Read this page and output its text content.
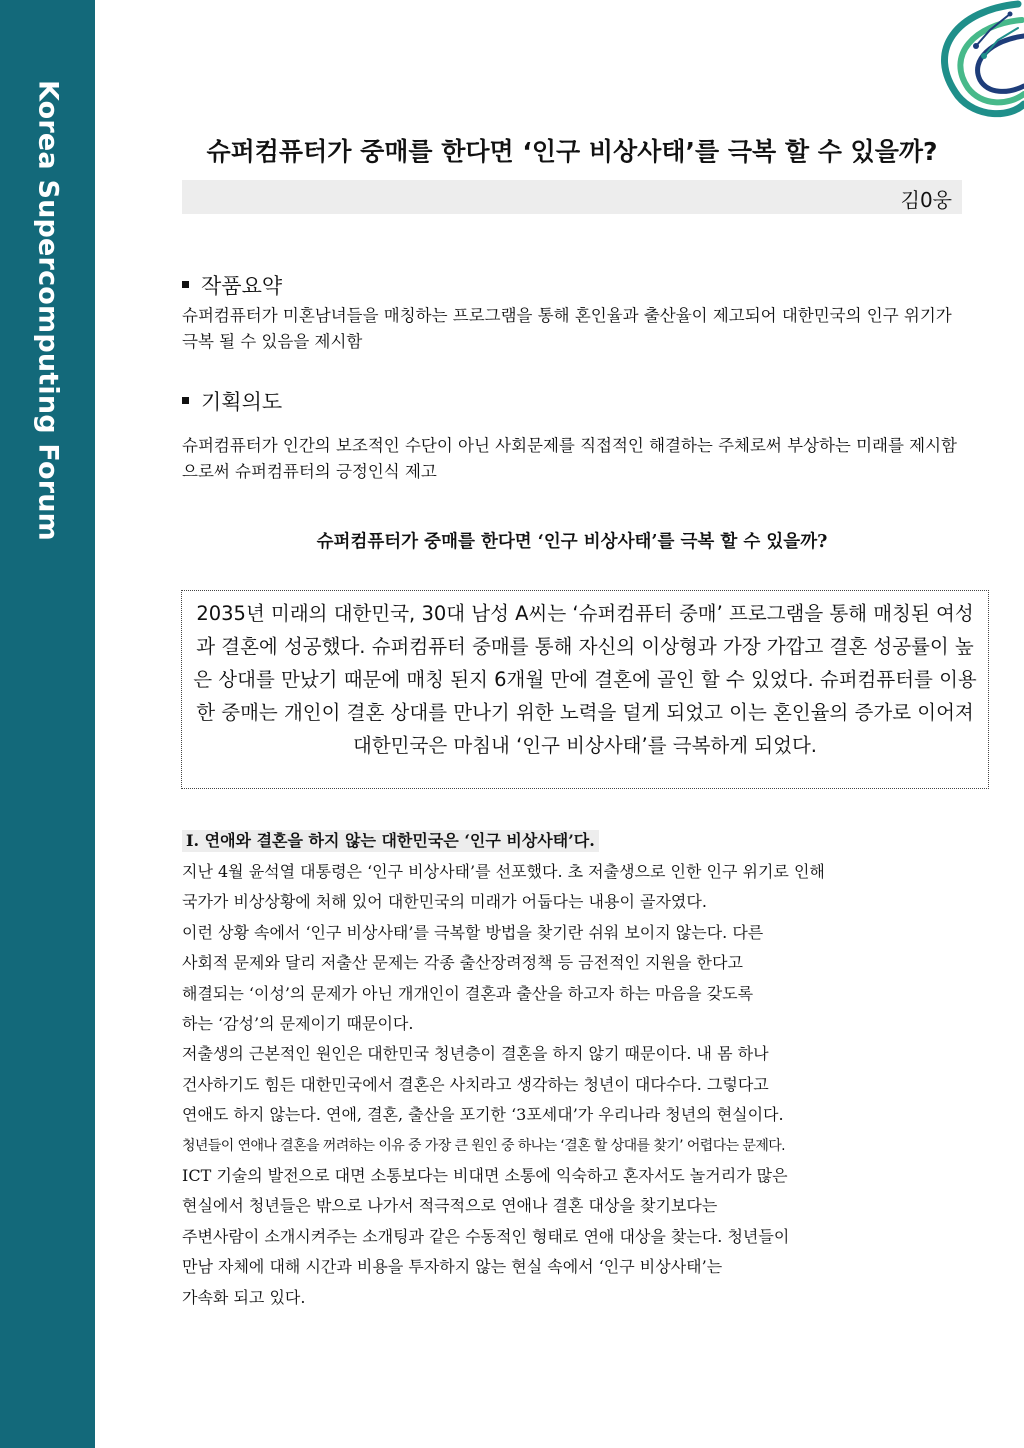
Korea Supercomputing Forum	슈퍼컴퓨터가 중매를 한다면 ‘인구 비상사태’를 극복 할 수 있을까?
김0웅
작품요약
슈퍼컴퓨터가 미혼남녀들을 매칭하는 프로그램을 통해 혼인율과 출산율이 제고되어 대한민국의 인구 위기가 극복 될 수 있음을 제시함
기획의도
슈퍼컴퓨터가 인간의 보조적인 수단이 아닌 사회문제를 직접적인 해결하는 주체로써 부상하는 미래를 제시함으로써 슈퍼컴퓨터의 긍정인식 제고
슈퍼컴퓨터가 중매를 한다면 ‘인구 비상사태’를 극복 할 수 있을까?
2035년 미래의 대한민국, 30대 남성 A씨는 ‘슈퍼컴퓨터 중매’ 프로그램을 통해 매칭된 여성과 결혼에 성공했다. 슈퍼컴퓨터 중매를 통해 자신의 이상형과 가장 가깝고 결혼 성공률이 높은 상대를 만났기 때문에 매칭 된지 6개월 만에 결혼에 골인 할 수 있었다. 슈퍼컴퓨터를 이용한 중매는 개인이 결혼 상대를 만나기 위한 노력을 덜게 되었고 이는 혼인율의 증가로 이어져 대한민국은 마침내 ‘인구 비상사태’를 극복하게 되었다.
Ⅰ. 연애와 결혼을 하지 않는 대한민국은 ‘인구 비상사태’다.
지난 4월 윤석열 대통령은 ‘인구 비상사태’를 선포했다. 초 저출생으로 인한 인구 위기로 인해
국가가 비상상황에 처해 있어 대한민국의 미래가 어둡다는 내용이 골자였다.
이런 상황 속에서 ‘인구 비상사태’를 극복할 방법을 찾기란 쉬워 보이지 않는다. 다른
사회적 문제와 달리 저출산 문제는 각종 출산장려정책 등 금전적인 지원을 한다고
해결되는 ‘이성’의 문제가 아닌 개개인이 결혼과 출산을 하고자 하는 마음을 갖도록
하는 ‘감성’의 문제이기 때문이다.
저출생의 근본적인 원인은 대한민국 청년층이 결혼을 하지 않기 때문이다. 내 몸 하나
건사하기도 힘든 대한민국에서 결혼은 사치라고 생각하는 청년이 대다수다. 그렇다고
연애도 하지 않는다. 연애, 결혼, 출산을 포기한 ‘3포세대’가 우리나라 청년의 현실이다.
청년들이 연애나 결혼을 꺼려하는 이유 중 가장 큰 원인 중 하나는 ‘결혼 할 상대를 찾기’ 어렵다는 문제다.
ICT 기술의 발전으로 대면 소통보다는 비대면 소통에 익숙하고 혼자서도 놀거리가 많은
현실에서 청년들은 밖으로 나가서 적극적으로 연애나 결혼 대상을 찾기보다는
주변사람이 소개시켜주는 소개팅과 같은 수동적인 형태로 연애 대상을 찾는다. 청년들이
만남 자체에 대해 시간과 비용을 투자하지 않는 현실 속에서 ‘인구 비상사태’는
가속화 되고 있다.
